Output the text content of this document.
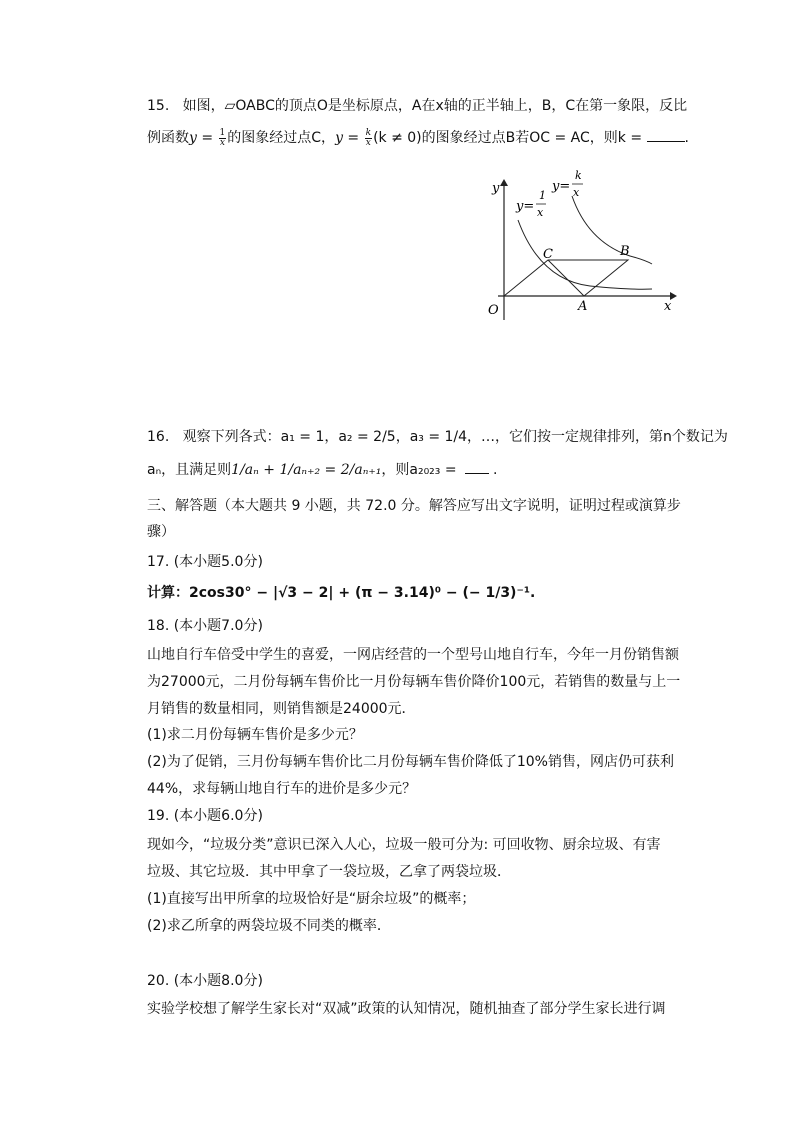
15. 如图，▱OABC的顶点O是坐标原点，A在x轴的正半轴上，B，C在第一象限，反比
例函数$y = \frac{1}{x}$ 的图象经过点C，$y = \frac{k}{x} (k \ne 0)$的图象经过点B若OC = AC，则k =	.
y
x
O	A
B
C
y=
1
x
y=
k
x
16. 观察下列各式：a₁ = 1，a₂ = 2/5，a₃ = 1/4，…，它们按一定规律排列，第n个数记为
aₙ，且满足则1/aₙ + 1/aₙ₊₂ = 2/aₙ₊₁，则a₂₀₂₃ = .
三、解答题（本大题共 9 小题，共 72.0 分。解答应写出文字说明，证明过程或演算步
骤）
17. (本小题5.0分)
计算：2cos30° − |√3 − 2| + (π − 3.14)⁰ − (− 1/3)⁻¹.
18. (本小题7.0分)
山地自行车倍受中学生的喜爱，一网店经营的一个型号山地自行车，今年一月份销售额
为27000元，二月份每辆车售价比一月份每辆车售价降价100元，若销售的数量与上一
月销售的数量相同，则销售额是24000元．
(1)求二月份每辆车售价是多少元？
(2)为了促销，三月份每辆车售价比二月份每辆车售价降低了10%销售，网店仍可获利
44%，求每辆山地自行车的进价是多少元？
19. (本小题6.0分)
现如今，“垃圾分类”意识已深入人心，垃圾一般可分为: 可回收物、厨余垃圾、有害
垃圾、其它垃圾．其中甲拿了一袋垃圾，乙拿了两袋垃圾．
(1)直接写出甲所拿的垃圾恰好是“厨余垃圾”的概率；
(2)求乙所拿的两袋垃圾不同类的概率．
20. (本小题8.0分)
实验学校想了解学生家长对“双减”政策的认知情况，随机抽查了部分学生家长进行调
